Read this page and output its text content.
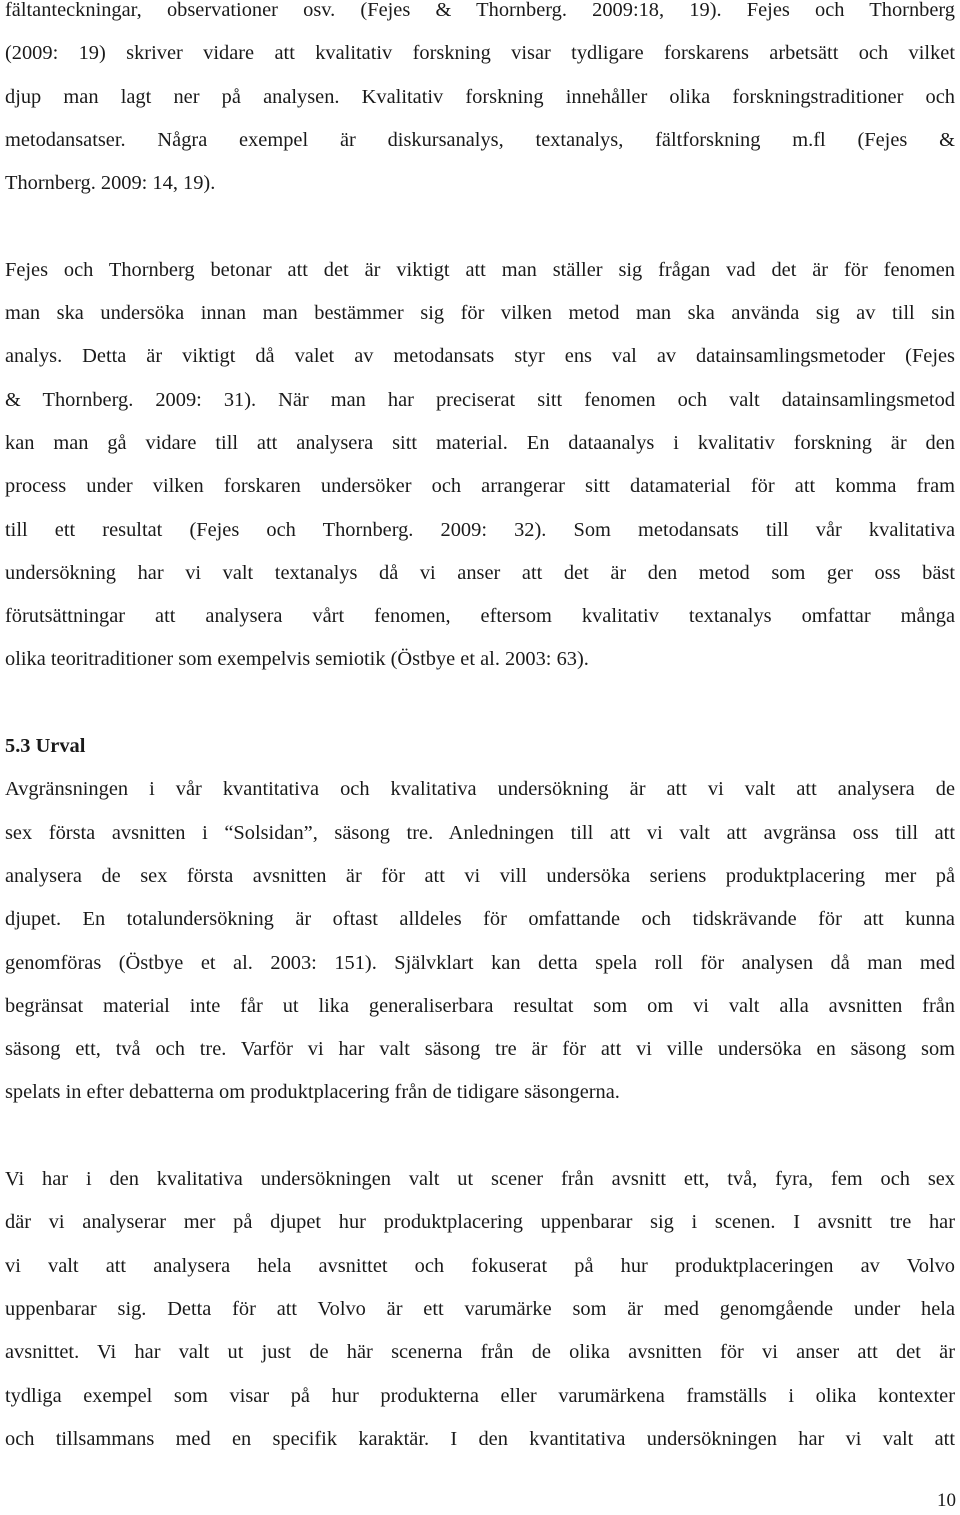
fältanteckningar, observationer osv. (Fejes & Thornberg. 2009:18, 19). Fejes och Thornberg
(2009: 19) skriver vidare att kvalitativ forskning visar tydligare forskarens arbetsätt och vilket
djup man lagt ner på analysen. Kvalitativ forskning innehåller olika forskningstraditioner och
metodansatser. Några exempel är diskursanalys, textanalys, fältforskning m.fl (Fejes &
Thornberg. 2009: 14, 19).
Fejes och Thornberg betonar att det är viktigt att man ställer sig frågan vad det är för fenomen
man ska undersöka innan man bestämmer sig för vilken metod man ska använda sig av till sin
analys. Detta är viktigt då valet av metodansats styr ens val av datainsamlingsmetoder (Fejes
& Thornberg. 2009: 31). När man har preciserat sitt fenomen och valt datainsamlingsmetod
kan man gå vidare till att analysera sitt material. En dataanalys i kvalitativ forskning är den
process under vilken forskaren undersöker och arrangerar sitt datamaterial för att komma fram
till ett resultat (Fejes och Thornberg. 2009: 32). Som metodansats till vår kvalitativa
undersökning har vi valt textanalys då vi anser att det är den metod som ger oss bäst
förutsättningar att analysera vårt fenomen, eftersom kvalitativ textanalys omfattar många
olika teoritraditioner som exempelvis semiotik (Östbye et al. 2003: 63).
5.3 Urval
Avgränsningen i vår kvantitativa och kvalitativa undersökning är att vi valt att analysera de
sex första avsnitten i “Solsidan”, säsong tre. Anledningen till att vi valt att avgränsa oss till att
analysera de sex första avsnitten är för att vi vill undersöka seriens produktplacering mer på
djupet. En totalundersökning är oftast alldeles för omfattande och tidskrävande för att kunna
genomföras (Östbye et al. 2003: 151). Självklart kan detta spela roll för analysen då man med
begränsat material inte får ut lika generaliserbara resultat som om vi valt alla avsnitten från
säsong ett, två och tre. Varför vi har valt säsong tre är för att vi ville undersöka en säsong som
spelats in efter debatterna om produktplacering från de tidigare säsongerna.
Vi har i den kvalitativa undersökningen valt ut scener från avsnitt ett, två, fyra, fem och sex
där vi analyserar mer på djupet hur produktplacering uppenbarar sig i scenen. I avsnitt tre har
vi valt att analysera hela avsnittet och fokuserat på hur produktplaceringen av Volvo
uppenbarar sig. Detta för att Volvo är ett varumärke som är med genomgående under hela
avsnittet. Vi har valt ut just de här scenerna från de olika avsnitten för vi anser att det är
tydliga exempel som visar på hur produkterna eller varumärkena framställs i olika kontexter
och tillsammans med en specifik karaktär. I den kvantitativa undersökningen har vi valt att
10
